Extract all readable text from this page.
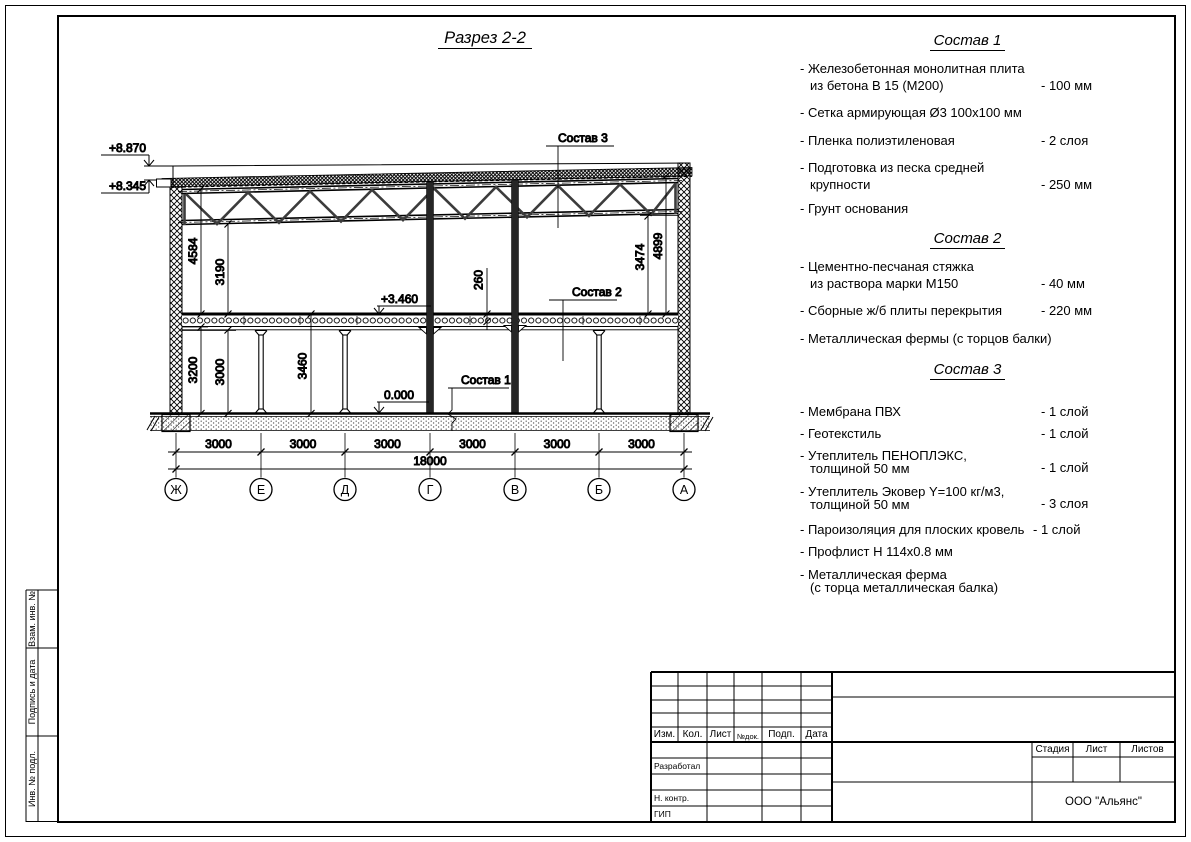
3000	3000	3000	3000	3000	3000
18000
Ж	Е	Д	Г	В	Б	А
4584
3190
3200 3000	3460
260
3474 4899
+8.870
+8.345
+3.460
0.000
Состав 3
Состав 2
Состав 1
Разрез 2-2	Состав 1
- Железобетонная монолитная плита
из бетона В 15 (М200)	- 100 мм
- Сетка армирующая Ø3 100х100 мм
- Пленка полиэтиленовая	- 2 слоя
- Подготовка из песка средней
крупности	- 250 мм
- Грунт основания
Состав 2
- Цементно-песчаная стяжка
из раствора марки М150	- 40 мм
- Сборные ж/б плиты перекрытия	- 220 мм
- Металлическая фермы (с торцов балки)
Состав 3
- Мембрана ПВХ	- 1 слой
- Геотекстиль	- 1 слой
- Утеплитель ПЕНОПЛЭКС,
толщиной 50 мм	- 1 слой
- Утеплитель Эковер Y=100 кг/м3,
толщиной 50 мм	- 3 слоя
- Пароизоляция для плоских кровель - 1 слой
- Профлист Н 114х0.8 мм
- Металлическая ферма
(с торца металлическая балка)
Изм. Кол. Лист №док. Подп.	Дата
Разработал
Н. контр.
ГИП
Стадия	Лист	Листов
ООО "Альянс"
Взам. инв. №
Подпись и дата
Инв. № подл.
